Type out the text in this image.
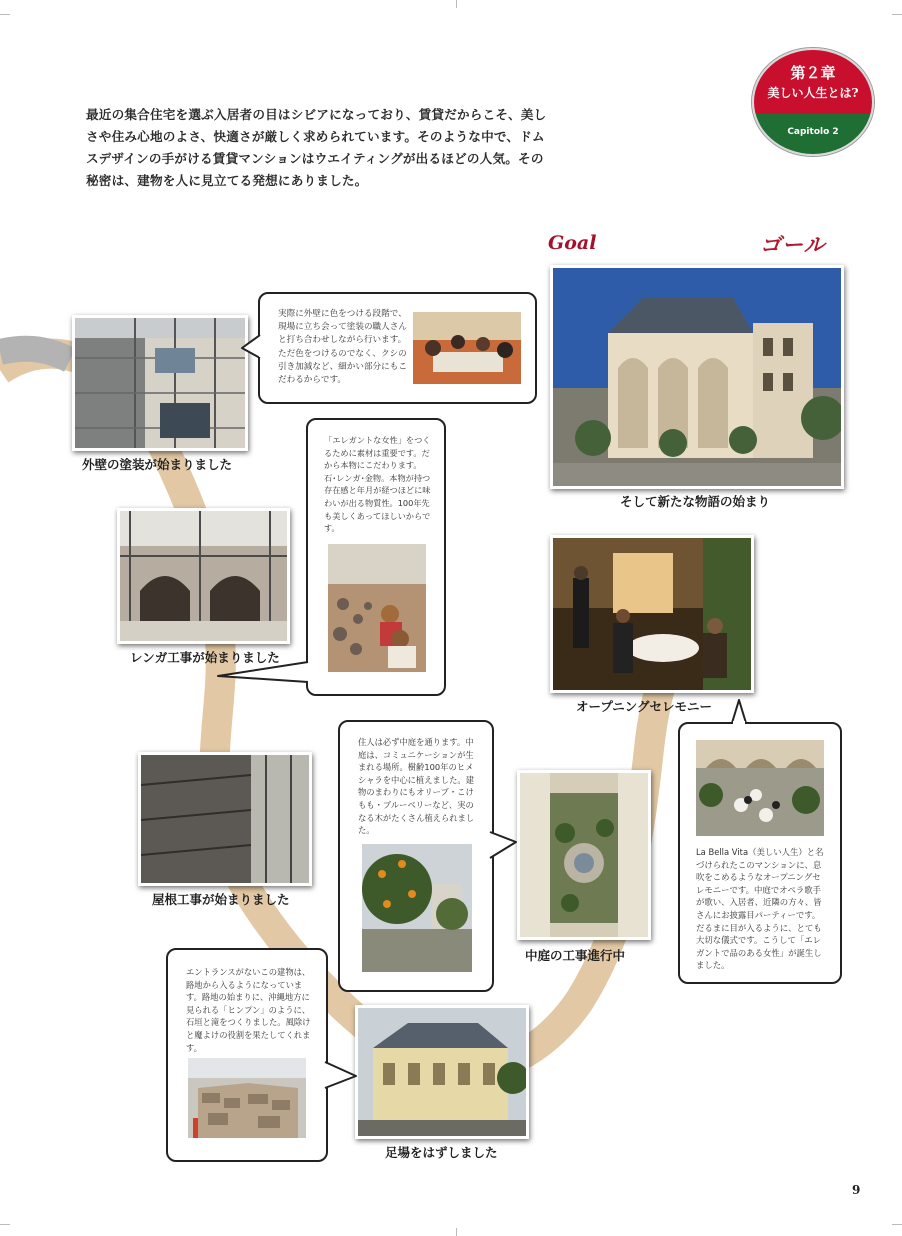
最近の集合住宅を選ぶ入居者の目はシビアになっており、賃貸だからこそ、美しさや住み心地のよさ、快適さが厳しく求められています。そのような中で、ドムスデザインの手がける賃貸マンションはウエイティングが出るほどの人気。その秘密は、建物を人に見立てる発想にありました。
第２章
美しい人生とは?
Capitolo 2
Goal	ゴール
外壁の塗装が始まりました
実際に外壁に色をつける段階で、現場に立ち会って塗装の職人さんと打ち合わせしながら行います。ただ色をつけるのでなく、クシの引き加減など、細かい部分にもこだわるからです。
レンガ工事が始まりました
「エレガントな女性」をつくるために素材は重要です。だから本物にこだわります。石･レンガ･金物。本物が持つ存在感と年月が経つほどに味わいが出る物質性。100年先も美しくあってほしいからです。
屋根工事が始まりました
住人は必ず中庭を通ります。中庭は、コミュニケーションが生まれる場所。樹齢100年のヒメシャラを中心に植えました。建物のまわりにもオリーブ・こけもも・ブルーベリーなど、実のなる木がたくさん植えられました。
中庭の工事進行中
エントランスがないこの建物は、路地から入るようになっています。路地の始まりに、沖縄地方に見られる「ヒンプン」のように、石垣と滝をつくりました。風除けと魔よけの役割を果たしてくれます。
足場をはずしました
そして新たな物語の始まり
オープニングセレモニー
La Bella Vita（美しい人生）と名づけられたこのマンションに、息吹をこめるようなオープニングセレモニーです。中庭でオペラ歌手が歌い、入居者、近隣の方々、皆さんにお披露目パーティーです。だるまに目が入るように、とても大切な儀式です。こうして「エレガントで品のある女性」が誕生しました。
9
